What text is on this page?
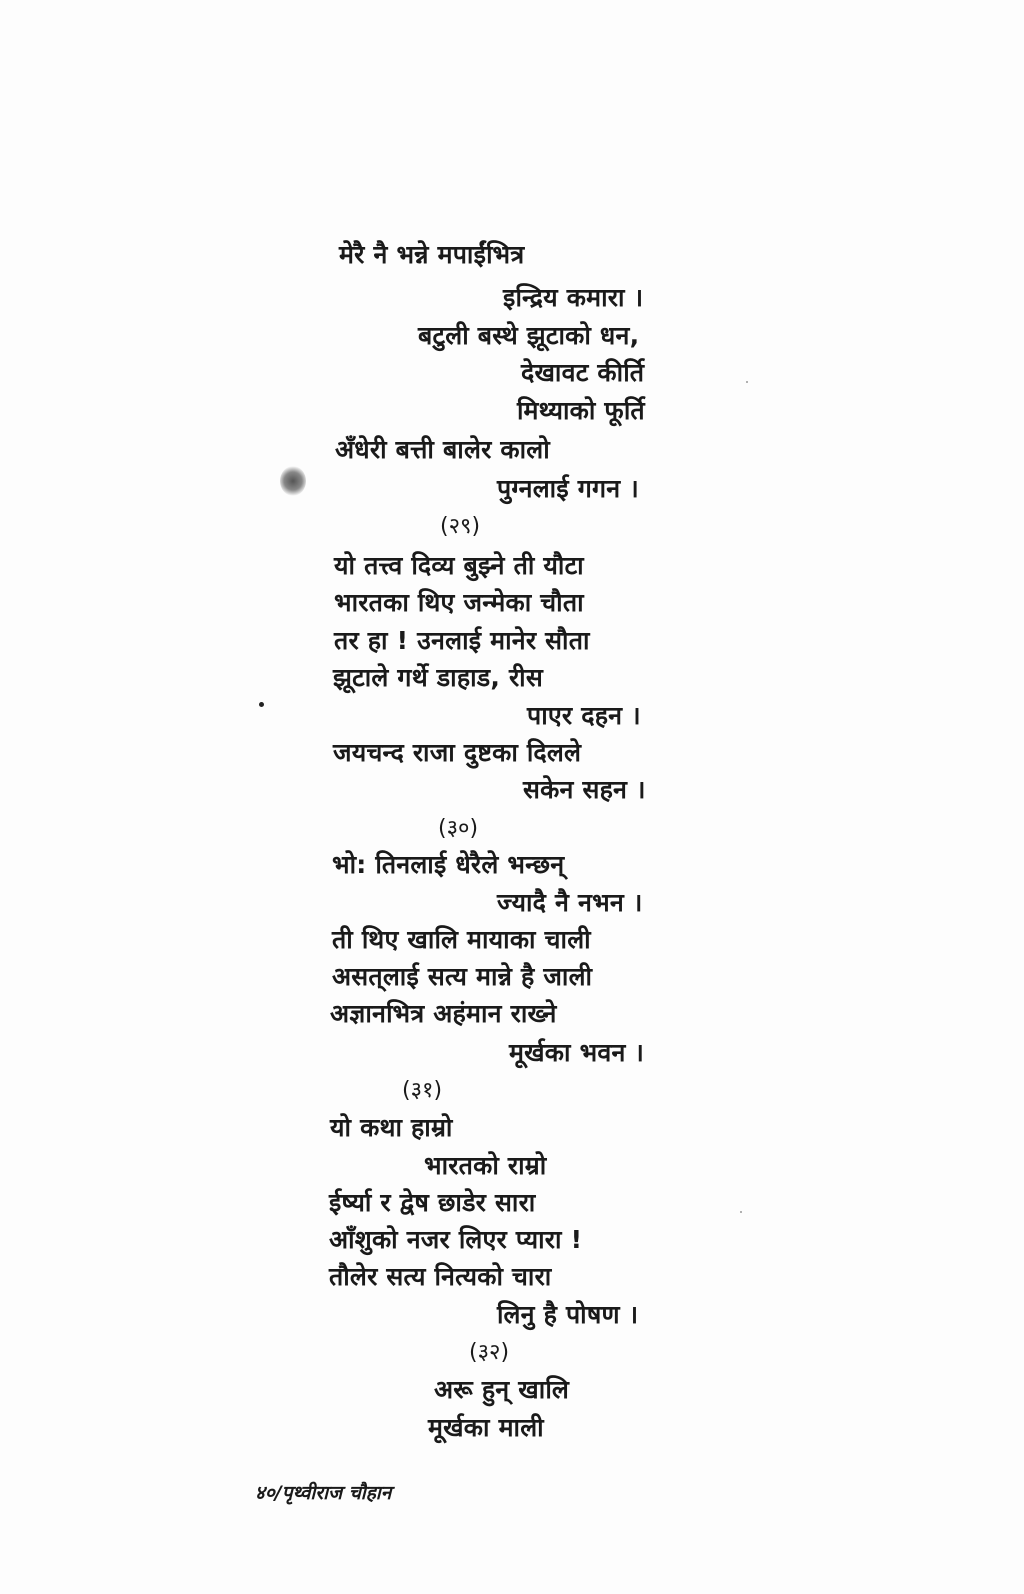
मेरै नै भन्ने मपाईंभित्र
इन्द्रिय कमारा ।
बटुली बस्थे झूटाको धन,
देखावट कीर्ति
मिथ्याको फूर्ति
अँधेरी बत्ती बालेर कालो
पुग्नलाई गगन ।
(२९)
यो तत्त्व दिव्य बुझ्ने ती यौटा
भारतका थिए जन्मेका चौता
तर हा ! उनलाई मानेर सौता
झूटाले गर्थे डाहाड, रीस
पाएर दहन ।
जयचन्द राजा दुष्टका दिलले
सकेन सहन ।
(३०)
भो: तिनलाई धेरैले भन्छन्
ज्यादै नै नभन ।
ती थिए खालि मायाका चाली
असत्‌लाई सत्य मान्ने है जाली
अज्ञानभित्र अहंमान राख्ने
मूर्खका भवन ।
(३१)
यो कथा हाम्रो
भारतको राम्रो
ईर्ष्या र द्वेष छाडेर सारा
आँशुको नजर लिएर प्यारा !
तौलेर सत्य नित्यको चारा
लिनु है पोषण ।
(३२)
अरू हुन् खालि
मूर्खका माली
४०/पृथ्वीराज चौहान
